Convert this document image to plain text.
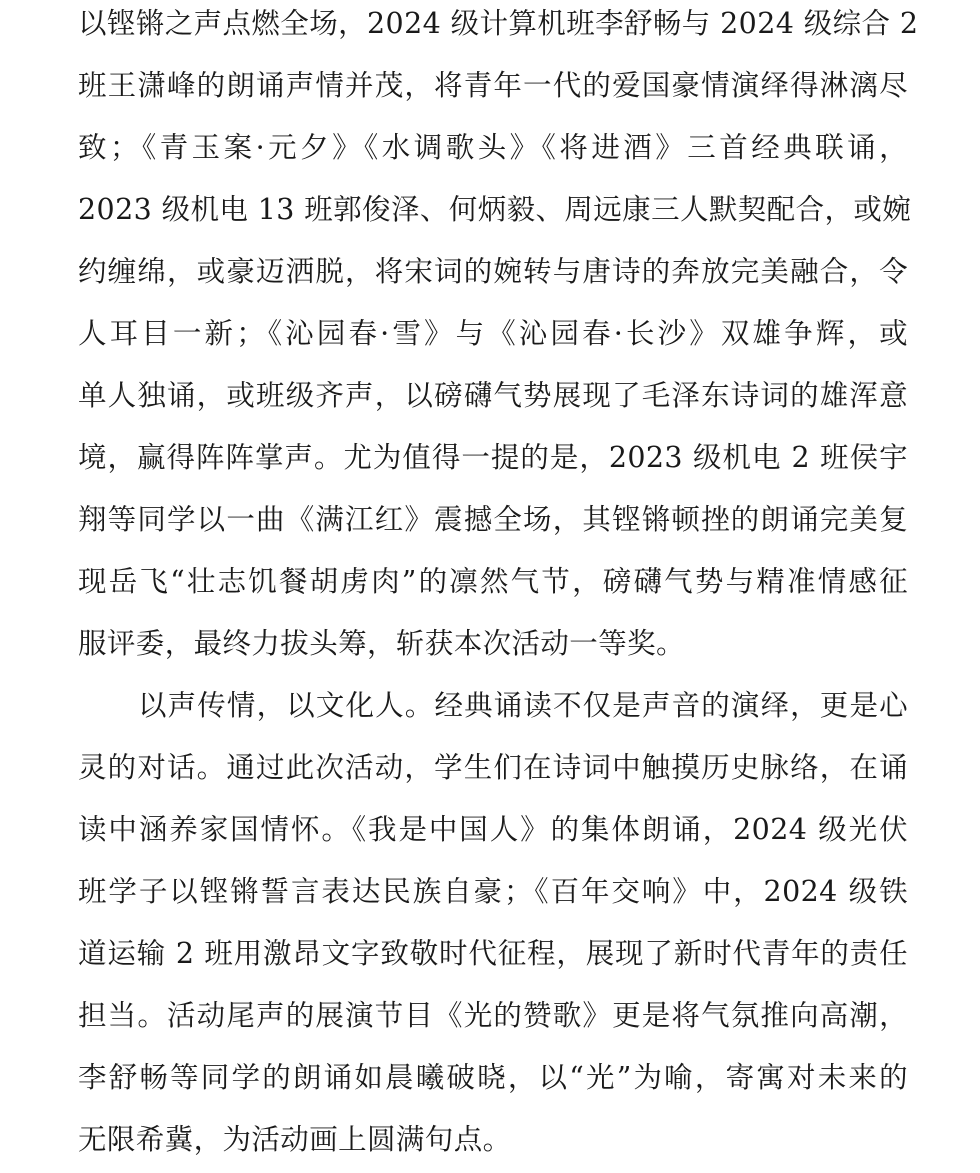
以铿锵之声点燃全场，2024 级计算机班李舒畅与 2024 级综合 2
班王潇峰的朗诵声情并茂，将青年一代的爱国豪情演绎得淋漓尽
致；《青玉案·元夕》《水调歌头》《将进酒》三首经典联诵，
2023 级机电 13 班郭俊泽、何炳毅、周远康三人默契配合，或婉
约缠绵，或豪迈洒脱，将宋词的婉转与唐诗的奔放完美融合，令
人耳目一新；《沁园春·雪》与《沁园春·长沙》双雄争辉，或
单人独诵，或班级齐声，以磅礴气势展现了毛泽东诗词的雄浑意
境，赢得阵阵掌声。尤为值得一提的是，2023 级机电 2 班侯宇
翔等同学以一曲《满江红》震撼全场，其铿锵顿挫的朗诵完美复
现岳飞“壮志饥餐胡虏肉”的凛然气节，磅礴气势与精准情感征
服评委，最终力拔头筹，斩获本次活动一等奖。
以声传情，以文化人。经典诵读不仅是声音的演绎，更是心
灵的对话。通过此次活动，学生们在诗词中触摸历史脉络，在诵
读中涵养家国情怀。《我是中国人》的集体朗诵，2024 级光伏
班学子以铿锵誓言表达民族自豪；《百年交响》中，2024 级铁
道运输 2 班用激昂文字致敬时代征程，展现了新时代青年的责任
担当。活动尾声的展演节目《光的赞歌》更是将气氛推向高潮，
李舒畅等同学的朗诵如晨曦破晓，以“光”为喻，寄寓对未来的
无限希冀，为活动画上圆满句点。
